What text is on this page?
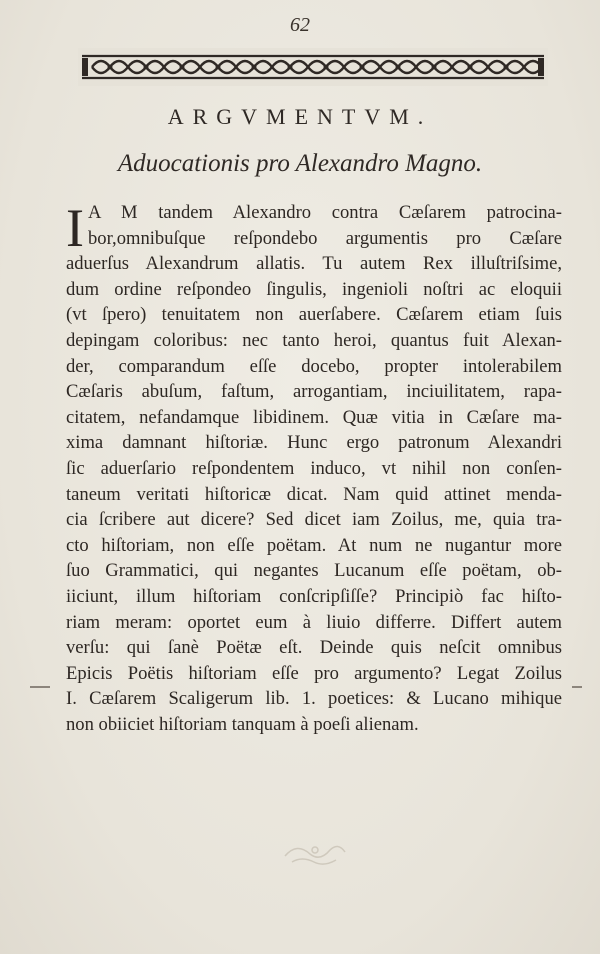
62
ARGVMENTVM.
Aduocationis pro Alexandro Magno.
I A M tandem Alexandro contra Cæſarem patrocina-
bor,omnibuſque reſpondebo argumentis pro Cæſare
aduerſus Alexandrum allatis. Tu autem Rex illuſtriſsime,
dum ordine reſpondeo ſingulis, ingenioli noſtri ac eloquii
(vt ſpero) tenuitatem non auerſabere. Cæſarem etiam ſuis
depingam coloribus: nec tanto heroi, quantus fuit Alexan-
der, comparandum eſſe docebo, propter intolerabilem
Cæſaris abuſum, faſtum, arrogantiam, inciuilitatem, rapa-
citatem, nefandamque libidinem. Quæ vitia in Cæſare ma-
xima damnant hiſtoriæ. Hunc ergo patronum Alexandri
ſic aduerſario reſpondentem induco, vt nihil non conſen-
taneum veritati hiſtoricæ dicat. Nam quid attinet menda-
cia ſcribere aut dicere? Sed dicet iam Zoilus, me, quia tra-
cto hiſtoriam, non eſſe poëtam. At num ne nugantur more
ſuo Grammatici, qui negantes Lucanum eſſe poëtam, ob-
iiciunt, illum hiſtoriam conſcripſiſſe? Principiò fac hiſto-
riam meram: oportet eum à liuio differre. Differt autem
verſu: qui ſanè Poëtæ eſt. Deinde quis neſcit omnibus
Epicis Poëtis hiſtoriam eſſe pro argumento? Legat Zoilus
I. Cæſarem Scaligerum lib. 1. poetices: & Lucano mihique
non obiiciet hiſtoriam tanquam à poeſi alienam.
